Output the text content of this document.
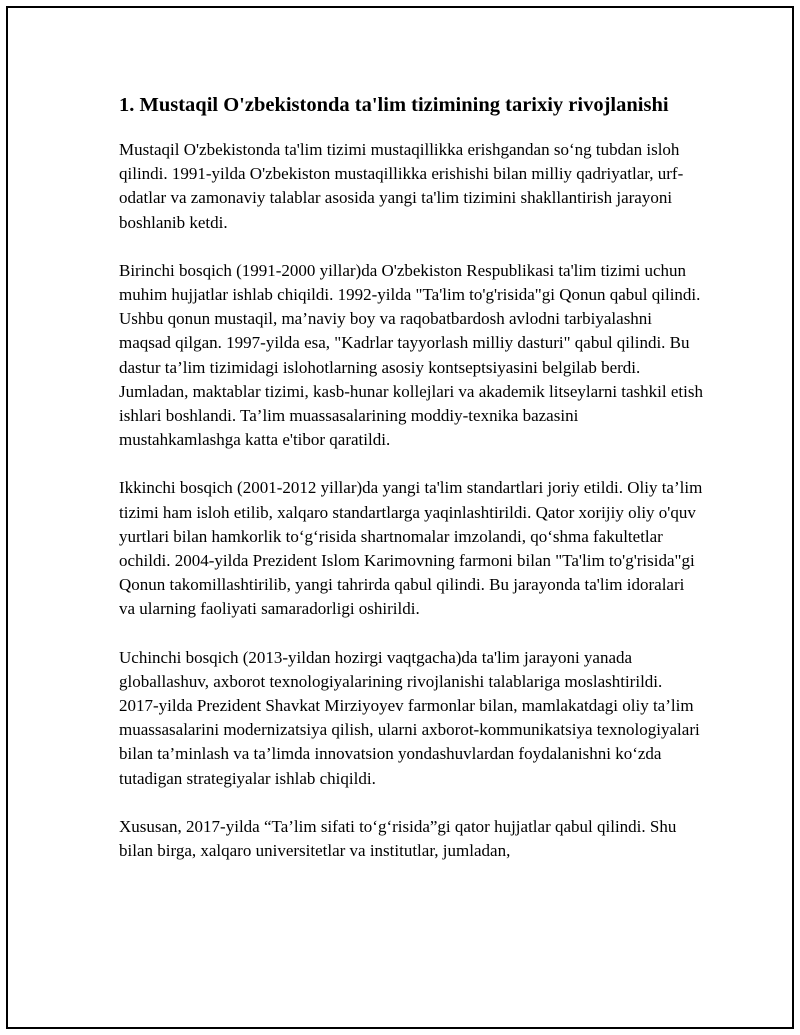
1. Mustaqil O'zbekistonda ta'lim tizimining tarixiy rivojlanishi

Mustaqil O'zbekistonda ta'lim tizimi mustaqillikka erishgandan so‘ng tubdan isloh qilindi. 1991-yilda O'zbekiston mustaqillikka erishishi bilan milliy qadriyatlar, urf-odatlar va zamonaviy talablar asosida yangi ta'lim tizimini shakllantirish jarayoni boshlanib ketdi.

Birinchi bosqich (1991-2000 yillar)da O'zbekiston Respublikasi ta'lim tizimi uchun muhim hujjatlar ishlab chiqildi. 1992-yilda "Ta'lim to'g'risida"gi Qonun qabul qilindi. Ushbu qonun mustaqil, ma’naviy boy va raqobatbardosh avlodni tarbiyalashni maqsad qilgan. 1997-yilda esa, "Kadrlar tayyorlash milliy dasturi" qabul qilindi. Bu dastur ta’lim tizimidagi islohotlarning asosiy kontseptsiyasini belgilab berdi. Jumladan, maktablar tizimi, kasb-hunar kollejlari va akademik litseylarni tashkil etish ishlari boshlandi. Ta’lim muassasalarining moddiy-texnika bazasini mustahkamlashga katta e'tibor qaratildi.

Ikkinchi bosqich (2001-2012 yillar)da yangi ta'lim standartlari joriy etildi. Oliy ta’lim tizimi ham isloh etilib, xalqaro standartlarga yaqinlashtirildi. Qator xorijiy oliy o'quv yurtlari bilan hamkorlik to‘g‘risida shartnomalar imzolandi, qo‘shma fakultetlar ochildi. 2004-yilda Prezident Islom Karimovning farmoni bilan "Ta'lim to'g'risida"gi Qonun takomillashtirilib, yangi tahrirda qabul qilindi. Bu jarayonda ta'lim idoralari va ularning faoliyati samaradorligi oshirildi.

Uchinchi bosqich (2013-yildan hozirgi vaqtgacha)da ta'lim jarayoni yanada globallashuv, axborot texnologiyalarining rivojlanishi talablariga moslashtirildi. 2017-yilda Prezident Shavkat Mirziyoyev farmonlar bilan, mamlakatdagi oliy ta’lim muassasalarini modernizatsiya qilish, ularni axborot-kommunikatsiya texnologiyalari bilan ta’minlash va ta’limda innovatsion yondashuvlardan foydalanishni ko‘zda tutadigan strategiyalar ishlab chiqildi.

Xususan, 2017-yilda “Ta’lim sifati to‘g‘risida”gi qator hujjatlar qabul qilindi. Shu bilan birga, xalqaro universitetlar va institutlar, jumladan,
